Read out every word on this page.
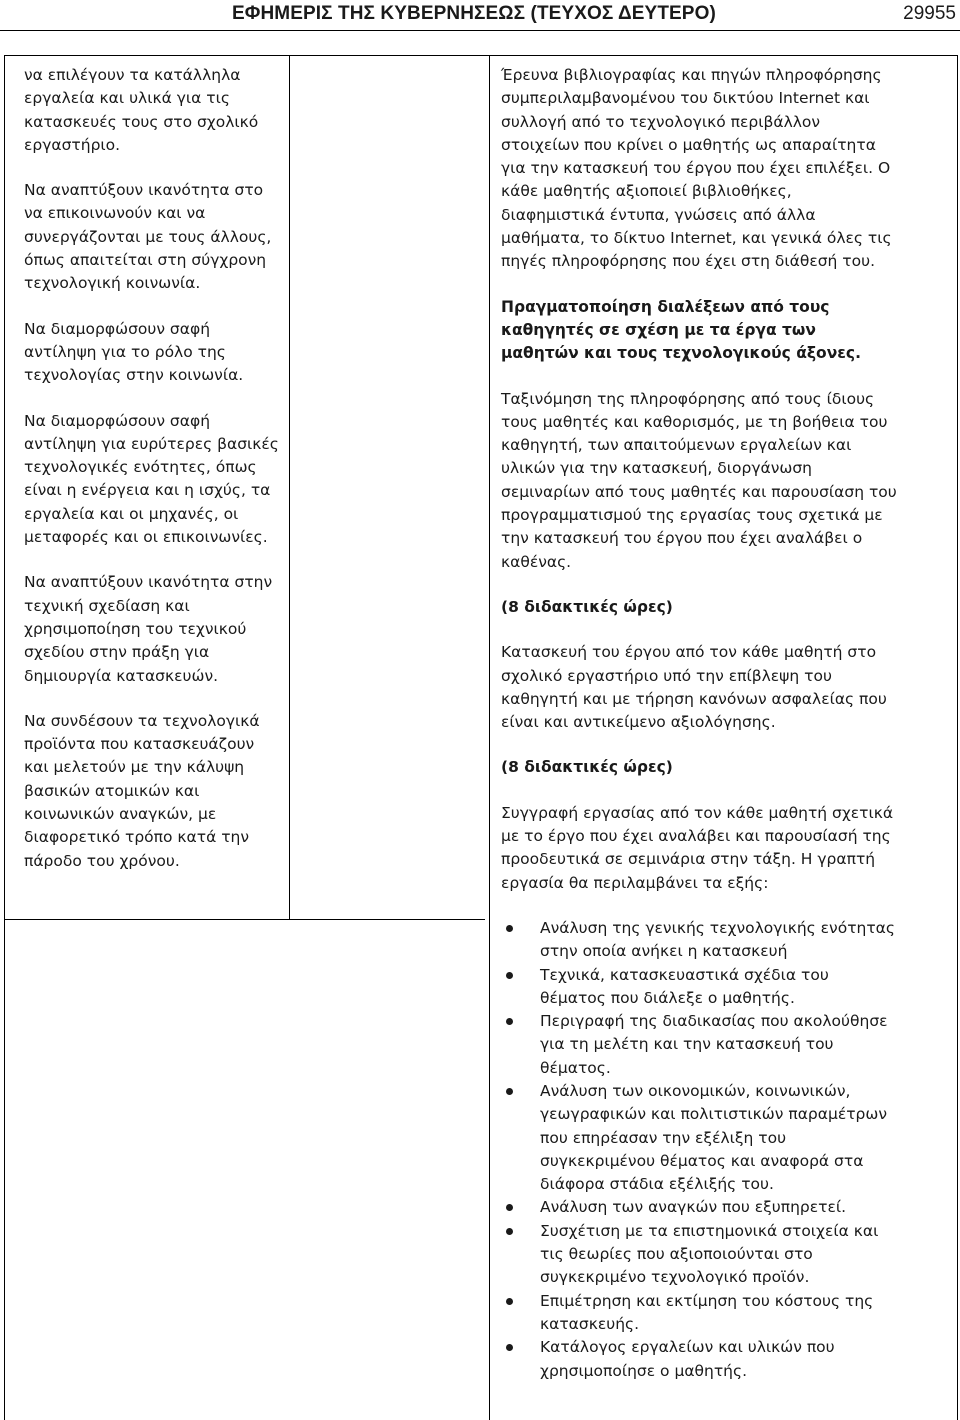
ΕΦΗΜΕΡΙΣ ΤΗΣ ΚΥΒΕΡΝΗΣΕΩΣ (ΤΕΥΧΟΣ ΔΕΥΤΕΡΟ)	29955

να επιλέγουν τα κατάλληλα εργαλεία και υλικά για τις κατασκευές τους στο σχολικό εργαστήριο.

Να αναπτύξουν ικανότητα στο να επικοινωνούν και να συνεργάζονται με τους άλλους, όπως απαιτείται στη σύγχρονη τεχνολογική κοινωνία.

Να διαμορφώσουν σαφή αντίληψη για το ρόλο της τεχνολογίας στην κοινωνία.

Να διαμορφώσουν σαφή αντίληψη για ευρύτερες βασικές τεχνολογικές ενότητες, όπως είναι η ενέργεια και η ισχύς, τα εργαλεία και οι μηχανές, οι μεταφορές και οι επικοινωνίες.

Να αναπτύξουν ικανότητα στην τεχνική σχεδίαση και χρησιμοποίηση του τεχνικού σχεδίου στην πράξη για δημιουργία κατασκευών.

Να συνδέσουν τα τεχνολογικά προϊόντα που κατασκευάζουν και μελετούν με την κάλυψη βασικών ατομικών και κοινωνικών αναγκών, με διαφορετικό τρόπο κατά την πάροδο του χρόνου.

Έρευνα βιβλιογραφίας και πηγών πληροφόρησης συμπεριλαμβανομένου του δικτύου Internet και συλλογή από το τεχνολογικό περιβάλλον στοιχείων που κρίνει ο μαθητής ως απαραίτητα για την κατασκευή του έργου που έχει επιλέξει. Ο κάθε μαθητής αξιοποιεί βιβλιοθήκες, διαφημιστικά έντυπα, γνώσεις από άλλα μαθήματα, το δίκτυο Internet, και γενικά όλες τις πηγές πληροφόρησης που έχει στη διάθεσή του.

Πραγματοποίηση διαλέξεων από τους καθηγητές σε σχέση με τα έργα των μαθητών και τους τεχνολογικούς άξονες.

Ταξινόμηση της πληροφόρησης από τους ίδιους τους μαθητές και καθορισμός, με τη βοήθεια του καθηγητή, των απαιτούμενων εργαλείων και υλικών για την κατασκευή, διοργάνωση σεμιναρίων από τους μαθητές και παρουσίαση του προγραμματισμού της εργασίας τους σχετικά με την κατασκευή του έργου που έχει αναλάβει ο καθένας.

(8 διδακτικές ώρες)

Κατασκευή του έργου από τον κάθε μαθητή στο σχολικό εργαστήριο υπό την επίβλεψη του καθηγητή και με τήρηση κανόνων ασφαλείας που είναι και αντικείμενο αξιολόγησης.

(8 διδακτικές ώρες)

Συγγραφή εργασίας από τον κάθε μαθητή σχετικά με το έργο που έχει αναλάβει και παρουσίασή της προοδευτικά σε σεμινάρια στην τάξη. Η γραπτή εργασία θα περιλαμβάνει τα εξής:

Ανάλυση της γενικής τεχνολογικής ενότητας στην οποία ανήκει η κατασκευή
Τεχνικά, κατασκευαστικά σχέδια του θέματος που διάλεξε ο μαθητής.
Περιγραφή της διαδικασίας που ακολούθησε για τη μελέτη και την κατασκευή του θέματος.
Ανάλυση των οικονομικών, κοινωνικών, γεωγραφικών και πολιτιστικών παραμέτρων που επηρέασαν την εξέλιξη του συγκεκριμένου θέματος και αναφορά στα διάφορα στάδια εξέλιξής του.
Ανάλυση των αναγκών που εξυπηρετεί.
Συσχέτιση με τα επιστημονικά στοιχεία και τις θεωρίες που αξιοποιούνται στο συγκεκριμένο τεχνολογικό προϊόν.
Επιμέτρηση και εκτίμηση του κόστους της κατασκευής.
Κατάλογος εργαλείων και υλικών που χρησιμοποίησε ο μαθητής.
